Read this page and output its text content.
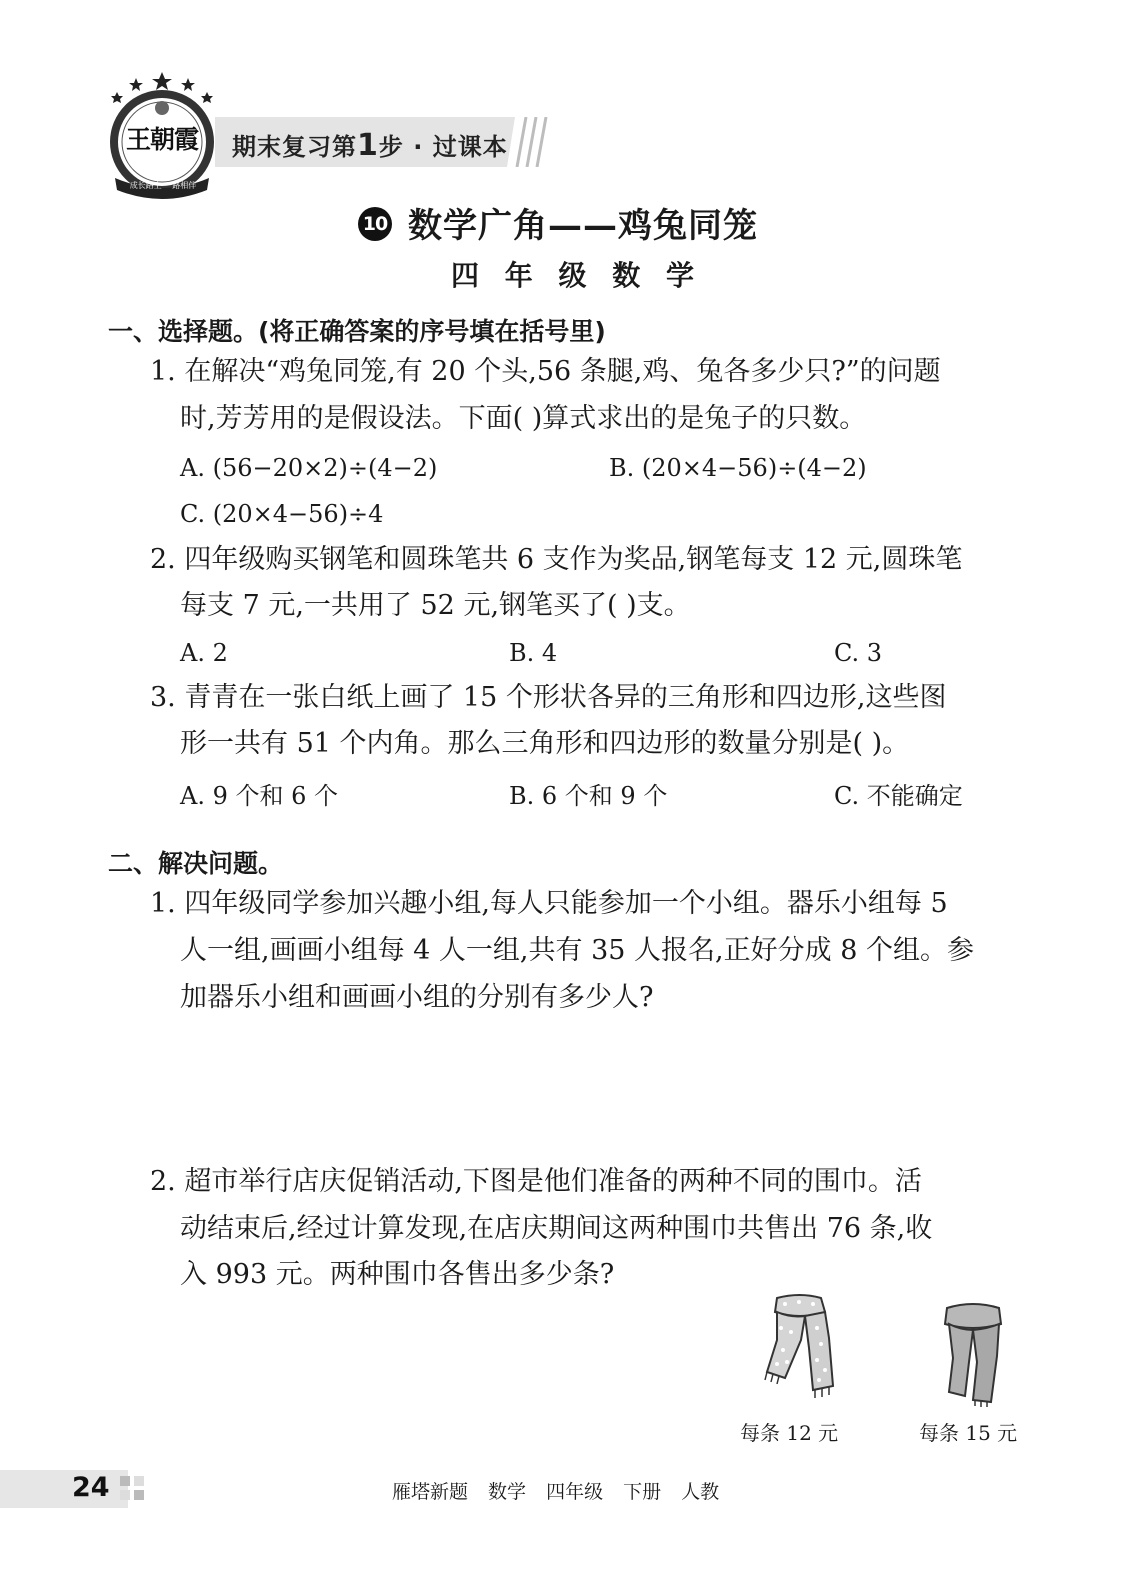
王朝霞
成长路上 一路相伴
期末复习第1步 · 过课本
10 数学广角——鸡兔同笼
四 年 级 数 学
一、选择题。(将正确答案的序号填在括号里)
1. 在解决“鸡兔同笼,有 20 个头,56 条腿,鸡、兔各多少只?”的问题
时,芳芳用的是假设法。下面( )算式求出的是兔子的只数。
A. (56−20×2)÷(4−2)	B. (20×4−56)÷(4−2)
C. (20×4−56)÷4
2. 四年级购买钢笔和圆珠笔共 6 支作为奖品,钢笔每支 12 元,圆珠笔
每支 7 元,一共用了 52 元,钢笔买了( )支。
A. 2	B. 4	C. 3
3. 青青在一张白纸上画了 15 个形状各异的三角形和四边形,这些图
形一共有 51 个内角。那么三角形和四边形的数量分别是( )。
A. 9 个和 6 个	B. 6 个和 9 个	C. 不能确定
二、解决问题。
1. 四年级同学参加兴趣小组,每人只能参加一个小组。器乐小组每 5
人一组,画画小组每 4 人一组,共有 35 人报名,正好分成 8 个组。参
加器乐小组和画画小组的分别有多少人?
2. 超市举行店庆促销活动,下图是他们准备的两种不同的围巾。活
动结束后,经过计算发现,在店庆期间这两种围巾共售出 76 条,收
入 993 元。两种围巾各售出多少条?
每条 12 元	每条 15 元
24	雁塔新题 数学 四年级 下册 人教
